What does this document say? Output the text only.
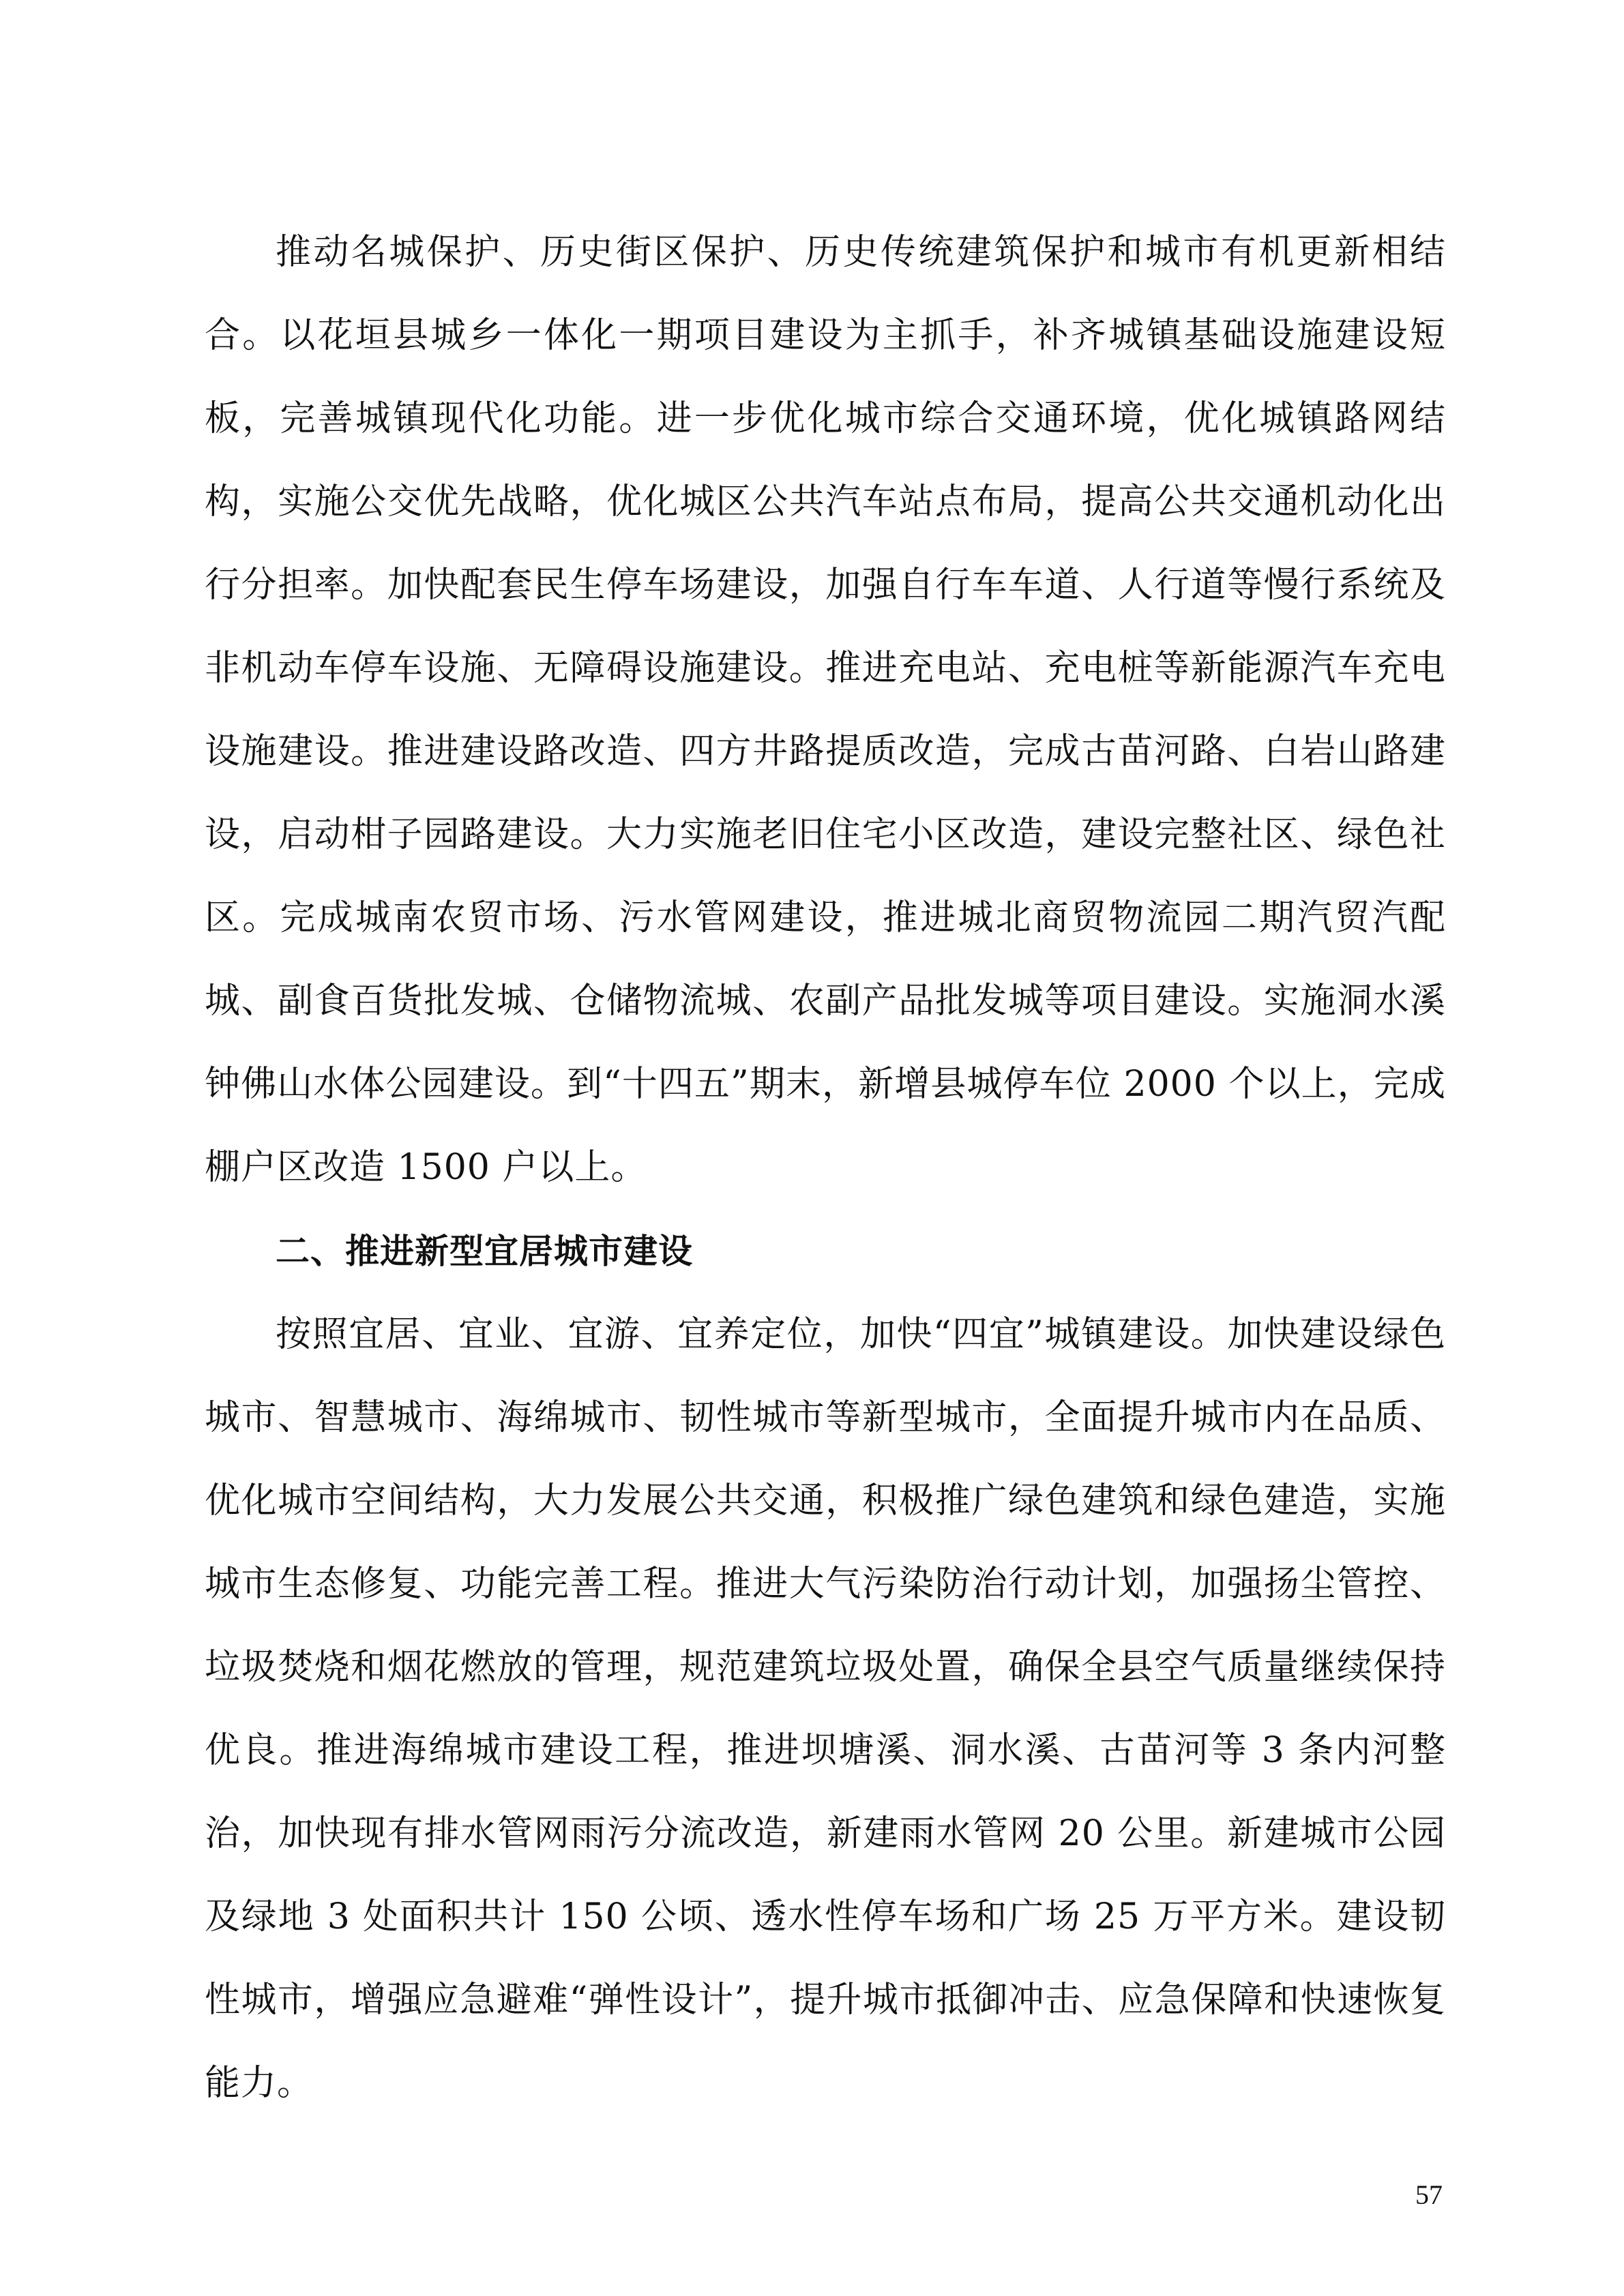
推动名城保护、历史街区保护、历史传统建筑保护和城市有机更新相结合。以花垣县城乡一体化一期项目建设为主抓手，补齐城镇基础设施建设短板，完善城镇现代化功能。进一步优化城市综合交通环境，优化城镇路网结构，实施公交优先战略，优化城区公共汽车站点布局，提高公共交通机动化出行分担率。加快配套民生停车场建设，加强自行车车道、人行道等慢行系统及非机动车停车设施、无障碍设施建设。推进充电站、充电桩等新能源汽车充电设施建设。推进建设路改造、四方井路提质改造，完成古苗河路、白岩山路建设，启动柑子园路建设。大力实施老旧住宅小区改造，建设完整社区、绿色社区。完成城南农贸市场、污水管网建设，推进城北商贸物流园二期汽贸汽配城、副食百货批发城、仓储物流城、农副产品批发城等项目建设。实施洞水溪钟佛山水体公园建设。到“十四五”期末，新增县城停车位 2000 个以上，完成棚户区改造 1500 户以上。

二、推进新型宜居城市建设

按照宜居、宜业、宜游、宜养定位，加快“四宜”城镇建设。加快建设绿色城市、智慧城市、海绵城市、韧性城市等新型城市，全面提升城市内在品质、优化城市空间结构，大力发展公共交通，积极推广绿色建筑和绿色建造，实施城市生态修复、功能完善工程。推进大气污染防治行动计划，加强扬尘管控、垃圾焚烧和烟花燃放的管理，规范建筑垃圾处置，确保全县空气质量继续保持优良。推进海绵城市建设工程，推进坝塘溪、洞水溪、古苗河等 3 条内河整治，加快现有排水管网雨污分流改造，新建雨水管网 20 公里。新建城市公园及绿地 3 处面积共计 150 公顷、透水性停车场和广场 25 万平方米。建设韧性城市，增强应急避难“弹性设计”，提升城市抵御冲击、应急保障和快速恢复能力。

57
